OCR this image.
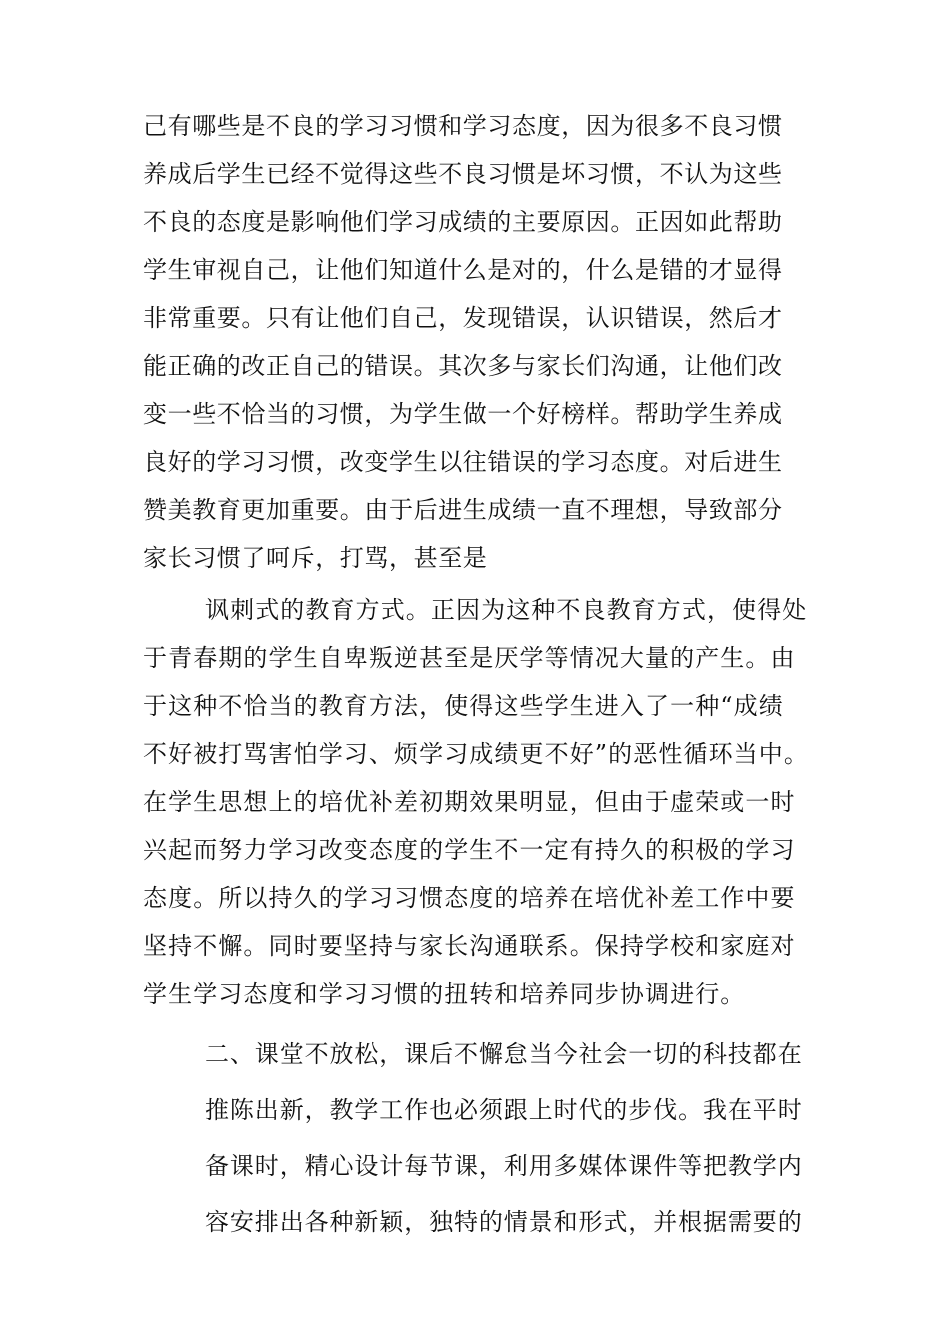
己有哪些是不良的学习习惯和学习态度，因为很多不良习惯
养成后学生已经不觉得这些不良习惯是坏习惯，不认为这些
不良的态度是影响他们学习成绩的主要原因。正因如此帮助
学生审视自己，让他们知道什么是对的，什么是错的才显得
非常重要。只有让他们自己，发现错误，认识错误，然后才
能正确的改正自己的错误。其次多与家长们沟通，让他们改
变一些不恰当的习惯，为学生做一个好榜样。帮助学生养成
良好的学习习惯，改变学生以往错误的学习态度。对后进生
赞美教育更加重要。由于后进生成绩一直不理想，导致部分
家长习惯了呵斥，打骂，甚至是
讽刺式的教育方式。正因为这种不良教育方式，使得处
于青春期的学生自卑叛逆甚至是厌学等情况大量的产生。由
于这种不恰当的教育方法，使得这些学生进入了一种“成绩
不好被打骂害怕学习、烦学习成绩更不好”的恶性循环当中。
在学生思想上的培优补差初期效果明显，但由于虚荣或一时
兴起而努力学习改变态度的学生不一定有持久的积极的学习
态度。所以持久的学习习惯态度的培养在培优补差工作中要
坚持不懈。同时要坚持与家长沟通联系。保持学校和家庭对
学生学习态度和学习习惯的扭转和培养同步协调进行。
二、课堂不放松，课后不懈怠当今社会一切的科技都在
推陈出新，教学工作也必须跟上时代的步伐。我在平时
备课时，精心设计每节课，利用多媒体课件等把教学内
容安排出各种新颖，独特的情景和形式，并根据需要的
